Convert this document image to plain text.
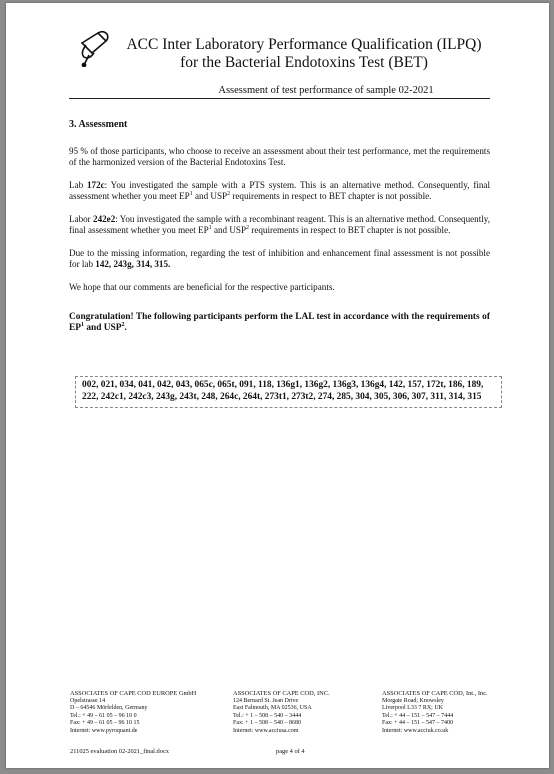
ACC Inter Laboratory Performance Qualification (ILPQ)
for the Bacterial Endotoxins Test (BET)
Assessment of test performance of sample 02-2021
3. Assessment

95 % of those participants, who choose to receive an assessment about their test performance, met the requirements of the harmonized version of the Bacterial Endotoxins Test.

Lab 172c: You investigated the sample with a PTS system. This is an alternative method. Consequently, final assessment whether you meet $EP^1$ and USP$^2$ requirements in respect to BET chapter is not possible.

Labor 242e2: You investigated the sample with a recombinant reagent. This is an alternative method. Consequently, final assessment whether you meet $EP^1$ and USP$^2$ requirements in respect to BET chapter is not possible.

Due to the missing information, regarding the test of inhibition and enhancement final assessment is not possible for lab 142, 243g, 314, 315.

We hope that our comments are beneficial for the respective participants.

Congratulation! The following participants perform the LAL test in accordance with the requirements of $EP^1$ and USP$^2$.

002, 021, 034, 041, 042, 043, 065c, 065t, 091, 118, 136g1, 136g2, 136g3, 136g4, 142, 157, 172t, 186, 189, 222, 242c1, 242c3, 243g, 243t, 248, 264c, 264t, 273t1, 273t2, 274, 285, 304, 305, 306, 307, 311, 314, 315
ASSOCIATES OF CAPE COD EUROPE GmbH
Opelstrasse 14
D – 64546 Mörfelden, Germany
Tel.: + 49 – 61 05 – 96 10 0
Fax: + 49 – 61 05 – 96 10 15
Internet: www.pyroquant.de
ASSOCIATES OF CAPE COD, INC.
124 Bernard St. Jean Drive
East Falmouth, MA 02536, USA
Tel.: + 1 – 508 – 540 – 3444
Fax: + 1 – 508 – 540 – 8680
Internet: www.acciusa.com
ASSOCIATES OF CAPE COD, Int., Inc.
Morgate Road; Knowsley
Liverpool L33 7 RX; UK
Tel.: + 44 – 151 – 547 – 7444
Fax: + 44 – 151 – 547 – 7400
Internet: www.acciuk.co.uk
211025 evaluation 02-2021_final.docx	page 4 of 4
